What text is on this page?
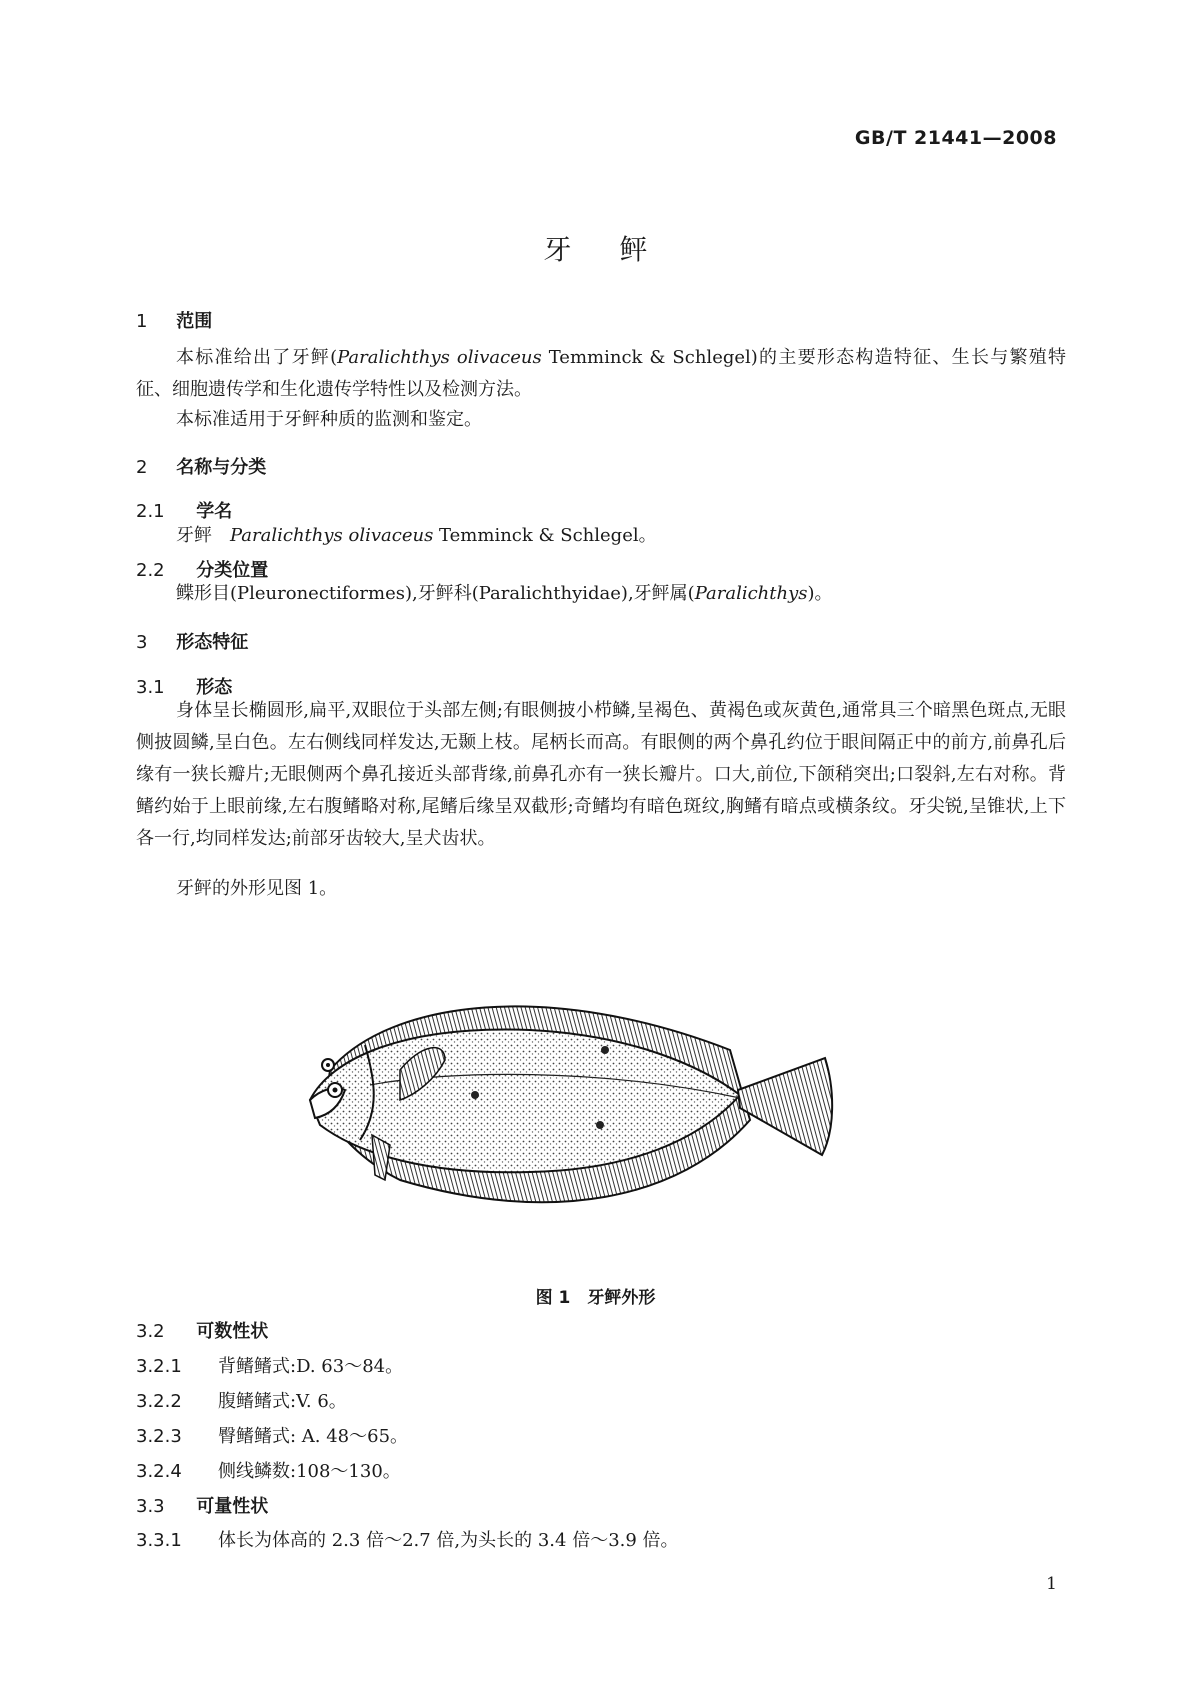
GB/T 21441—2008
牙鲆
1 范围
本标准给出了牙鲆(Paralichthys olivaceus Temminck & Schlegel)的主要形态构造特征、生长与繁殖特征、细胞遗传学和生化遗传学特性以及检测方法。
本标准适用于牙鲆种质的监测和鉴定。
2 名称与分类
2.1 学名
牙鲆　Paralichthys olivaceus Temminck & Schlegel。
2.2 分类位置
鲽形目(Pleuronectiformes),牙鲆科(Paralichthyidae),牙鲆属(Paralichthys)。
3 形态特征
3.1 形态
身体呈长椭圆形,扁平,双眼位于头部左侧;有眼侧披小栉鳞,呈褐色、黄褐色或灰黄色,通常具三个暗黑色斑点,无眼侧披圆鳞,呈白色。左右侧线同样发达,无颞上枝。尾柄长而高。有眼侧的两个鼻孔约位于眼间隔正中的前方,前鼻孔后缘有一狭长瓣片;无眼侧两个鼻孔接近头部背缘,前鼻孔亦有一狭长瓣片。口大,前位,下颌稍突出;口裂斜,左右对称。背鳍约始于上眼前缘,左右腹鳍略对称,尾鳍后缘呈双截形;奇鳍均有暗色斑纹,胸鳍有暗点或横条纹。牙尖锐,呈锥状,上下各一行,均同样发达;前部牙齿较大,呈犬齿状。
牙鲆的外形见图 1。
图 1　牙鲆外形
3.2 可数性状
3.2.1 背鳍鳍式:D. 63～84。
3.2.2 腹鳍鳍式:V. 6。
3.2.3 臀鳍鳍式: A. 48～65。
3.2.4 侧线鳞数:108～130。
3.3 可量性状
3.3.1 体长为体高的 2.3 倍～2.7 倍,为头长的 3.4 倍～3.9 倍。
1
